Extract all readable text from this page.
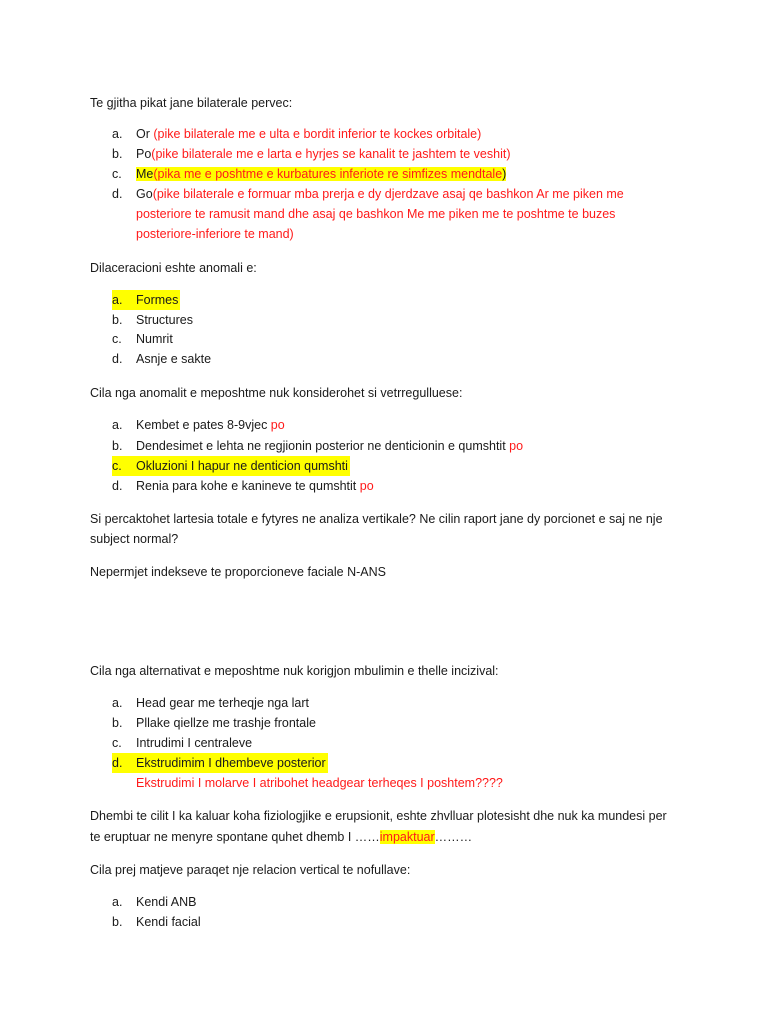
Te gjitha pikat jane bilaterale pervec:
a. Or (pike bilaterale me e ulta e bordit inferior te kockes orbitale)
b. Po(pike bilaterale me e larta e hyrjes se kanalit te jashtem te veshit)
c. Me(pika me e poshtme e kurbatures inferiote re simfizes mendtale)
d. Go(pike bilaterale e formuar mba prerja e dy djerdzave asaj qe bashkon Ar me piken me
posteriore te ramusit mand dhe asaj qe bashkon Me me piken me te poshtme te buzes
posteriore-inferiore te mand)
Dilaceracioni eshte anomali e:
a. Formes
b. Structures
c. Numrit
d. Asnje e sakte
Cila nga anomalit e meposhtme nuk konsiderohet si vetrregulluese:
a. Kembet e pates 8-9vjec po
b. Dendesimet e lehta ne regjionin posterior ne denticionin e qumshtit po
c. Okluzioni I hapur ne denticion qumshti
d. Renia para kohe e kanineve te qumshtit po
Si percaktohet lartesia totale e fytyres ne analiza vertikale? Ne cilin raport jane dy porcionet e saj ne nje
subject normal?
Nepermjet indekseve te proporcioneve faciale N-ANS
Cila nga alternativat e meposhtme nuk korigjon mbulimin e thelle incizival:
a. Head gear me terheqje nga lart
b. Pllake qiellze me trashje frontale
c. Intrudimi I centraleve
d. Ekstrudimim I dhembeve posterior
Ekstrudimi I molarve I atribohet headgear terheqes I poshtem????
Dhembi te cilit I ka kaluar koha fiziologjike e erupsionit, eshte zhvlluar plotesisht dhe nuk ka mundesi per
te eruptuar ne menyre spontane quhet dhemb I ……impaktuar………
Cila prej matjeve paraqet nje relacion vertical te nofullave:
a. Kendi ANB
b. Kendi facial
